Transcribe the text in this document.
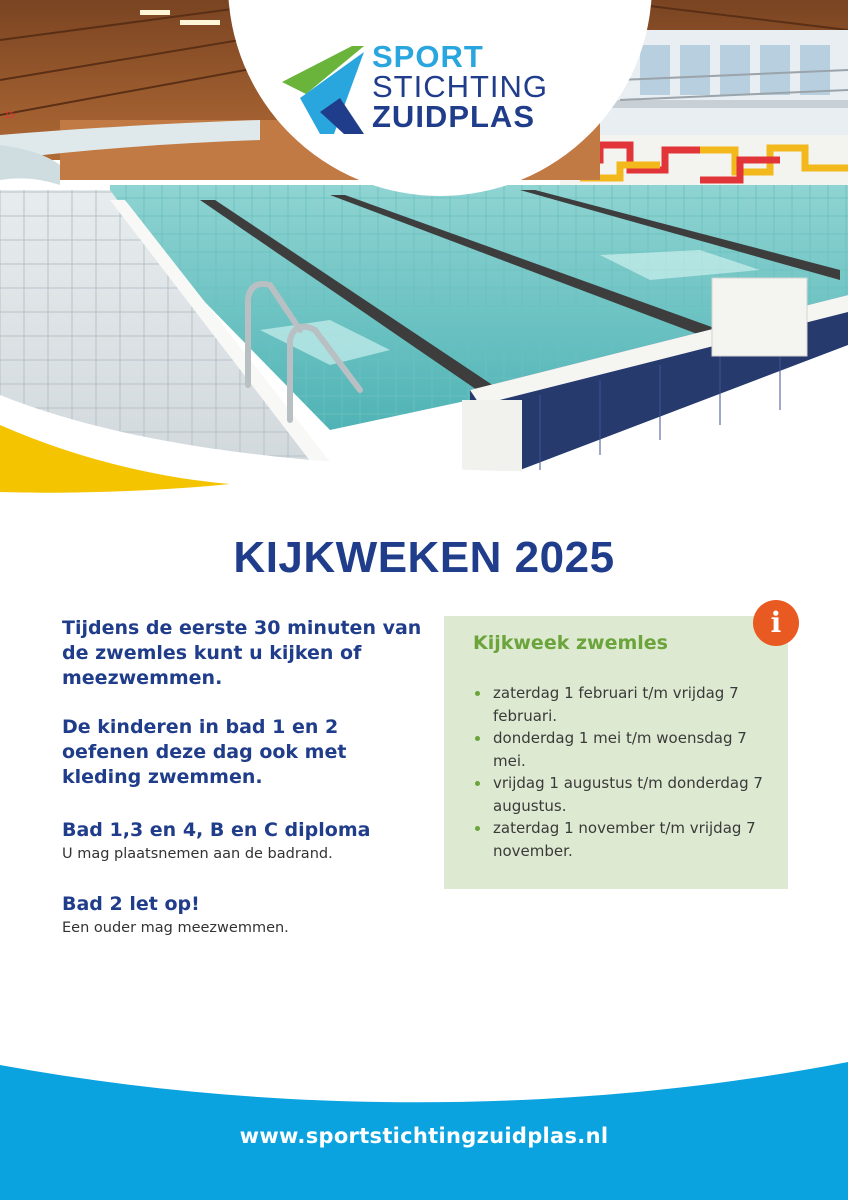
15
SPORT
STICHTING
ZUIDPLAS
KIJKWEKEN 2025

Tijdens de eerste 30 minuten van de zwemles kunt u kijken of meezwemmen.

De kinderen in bad 1 en 2 oefenen deze dag ook met kleding zwemmen.

Bad 1,3 en 4, B en C diploma

U mag plaatsnemen aan de badrand.

Bad 2 let op!

Een ouder mag meezwemmen.

Kijkweek zwemles
zaterdag 1 februari t/m vrijdag 7 februari.
donderdag 1 mei t/m woensdag 7 mei.
vrijdag 1 augustus t/m donderdag 7 augustus.
zaterdag 1 november t/m vrijdag 7 november.
i
www.sportstichtingzuidplas.nl
